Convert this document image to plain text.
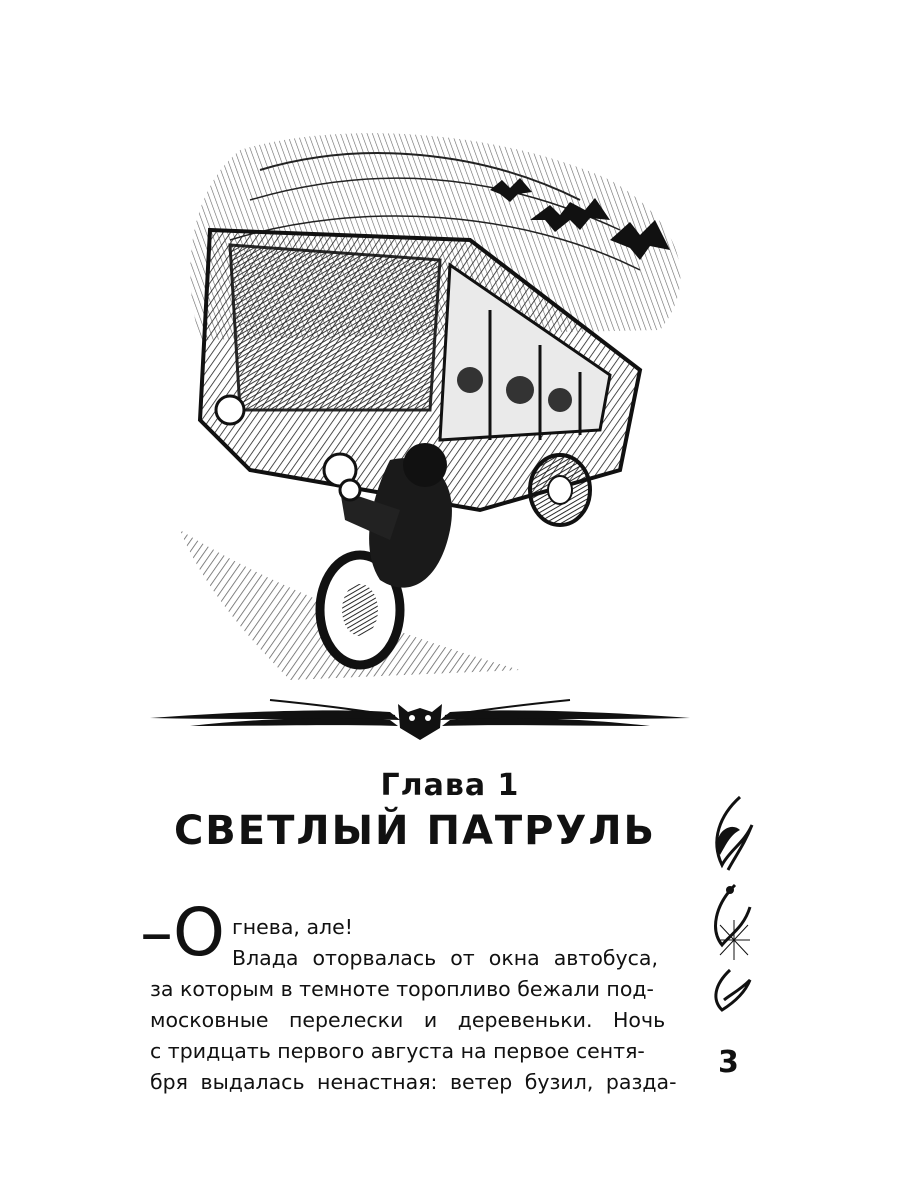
Глава 1
СВЕТЛЫЙ ПАТРУЛЬ
–О гнева, але!
Влада оторвалась от окна автобуса,
за которым в темноте торопливо бежали под-
московные перелески и деревеньки. Ночь
с тридцать первого августа на первое сентя-
бря выдалась ненастная: ветер бузил, разда-
3
